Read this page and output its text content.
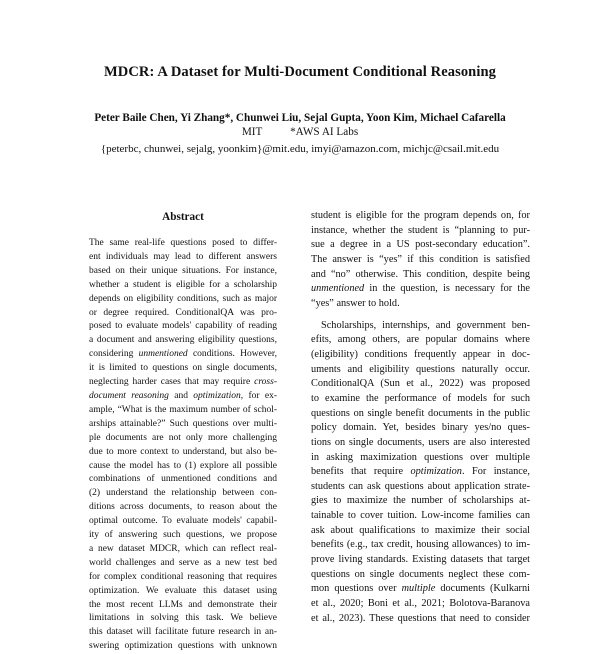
MDCR: A Dataset for Multi-Document Conditional Reasoning
Peter Baile Chen, Yi Zhang*, Chunwei Liu, Sejal Gupta, Yoon Kim, Michael Cafarella
MIT          *AWS AI Labs
{peterbc, chunwei, sejalg, yoonkim}@mit.edu, imyi@amazon.com, michjc@csail.mit.edu
Abstract
The same real-life questions posed to differ-
ent individuals may lead to different answers
based on their unique situations. For instance,
whether a student is eligible for a scholarship
depends on eligibility conditions, such as major
or degree required. ConditionalQA was pro-
posed to evaluate models' capability of reading
a document and answering eligibility questions,
considering unmentioned conditions. However,
it is limited to questions on single documents,
neglecting harder cases that may require cross-
document reasoning and optimization, for ex-
ample, “What is the maximum number of schol-
arships attainable?” Such questions over multi-
ple documents are not only more challenging
due to more context to understand, but also be-
cause the model has to (1) explore all possible
combinations of unmentioned conditions and
(2) understand the relationship between con-
ditions across documents, to reason about the
optimal outcome. To evaluate models' capabil-
ity of answering such questions, we propose
a new dataset MDCR, which can reflect real-
world challenges and serve as a new test bed
for complex conditional reasoning that requires
optimization. We evaluate this dataset using
the most recent LLMs and demonstrate their
limitations in solving this task. We believe
this dataset will facilitate future research in an-
swering optimization questions with unknown
student is eligible for the program depends on, for
instance, whether the student is “planning to pur-
sue a degree in a US post-secondary education”.
The answer is “yes” if this condition is satisfied
and “no” otherwise. This condition, despite being
unmentioned in the question, is necessary for the
“yes” answer to hold.
Scholarships, internships, and government ben-
efits, among others, are popular domains where
(eligibility) conditions frequently appear in doc-
uments and eligibility questions naturally occur.
ConditionalQA (Sun et al., 2022) was proposed
to examine the performance of models for such
questions on single benefit documents in the public
policy domain. Yet, besides binary yes/no ques-
tions on single documents, users are also interested
in asking maximization questions over multiple
benefits that require optimization. For instance,
students can ask questions about application strate-
gies to maximize the number of scholarships at-
tainable to cover tuition. Low-income families can
ask about qualifications to maximize their social
benefits (e.g., tax credit, housing allowances) to im-
prove living standards. Existing datasets that target
questions on single documents neglect these com-
mon questions over multiple documents (Kulkarni
et al., 2020; Boni et al., 2021; Bolotova-Baranova
et al., 2023). These questions that need to consider
